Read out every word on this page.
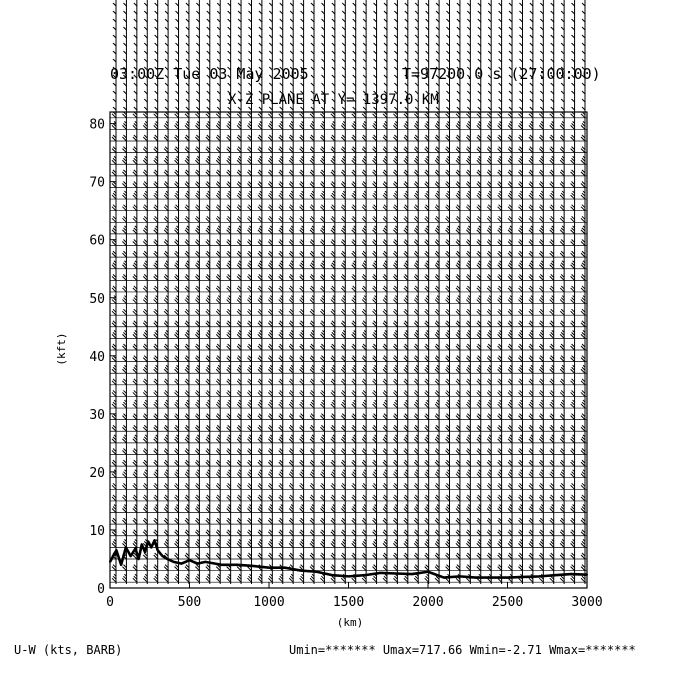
03:00Z Tue 03 May 2005	T=97200.0 s (27:00:00)
X-Z PLANE AT Y= 1397.0 KM
0	500	1000	1500	2000	2500	3000
0
10
20
30
40
50
60
70
80
(km)
(kft)
U-W (kts, BARB)	Umin=******* Umax=717.66 Wmin=-2.71 Wmax=*******
